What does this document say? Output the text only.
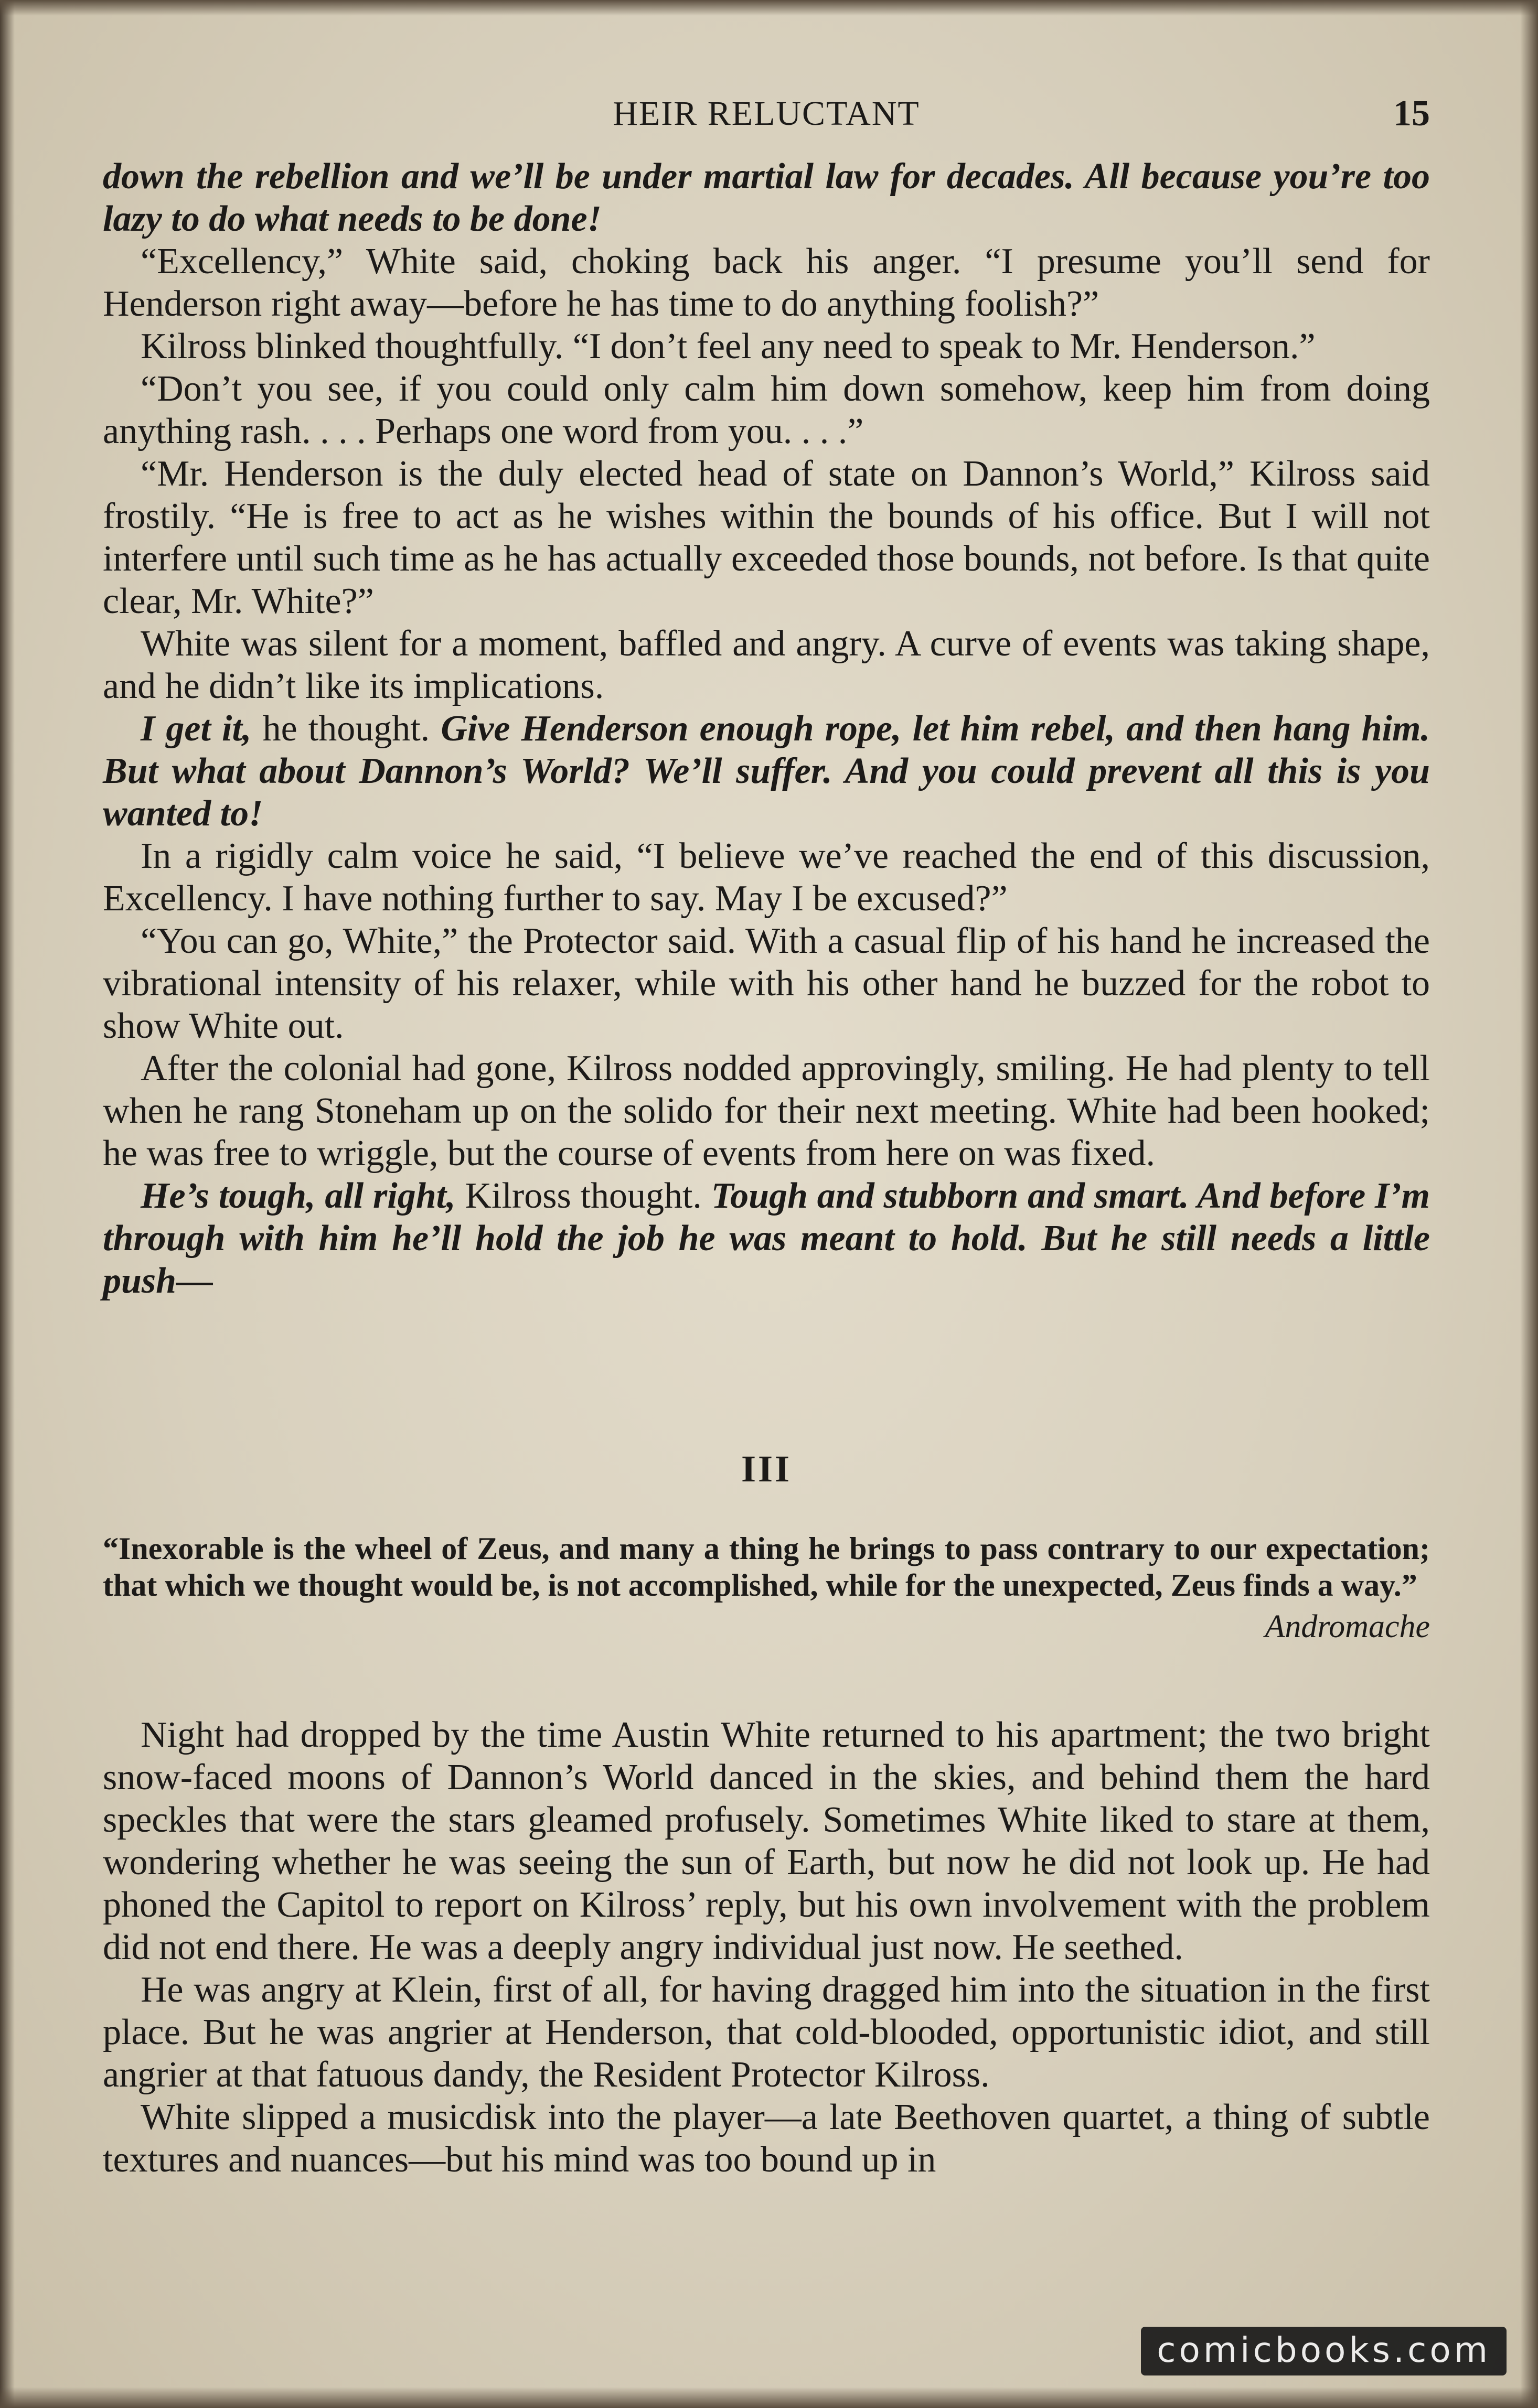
HEIR RELUCTANT	15

down the rebellion and we’ll be under martial law for decades. All because you’re too lazy to do what needs to be done!

“Excellency,” White said, choking back his anger. “I presume you’ll send for Henderson right away—before he has time to do anything foolish?”

Kilross blinked thoughtfully. “I don’t feel any need to speak to Mr. Henderson.”

“Don’t you see, if you could only calm him down somehow, keep him from doing anything rash. . . . Perhaps one word from you. . . .”

“Mr. Henderson is the duly elected head of state on Dannon’s World,” Kilross said frostily. “He is free to act as he wishes within the bounds of his office. But I will not interfere until such time as he has actually exceeded those bounds, not before. Is that quite clear, Mr. White?”

White was silent for a moment, baffled and angry. A curve of events was taking shape, and he didn’t like its implications.

I get it, he thought. Give Henderson enough rope, let him rebel, and then hang him. But what about Dannon’s World? We’ll suffer. And you could prevent all this is you wanted to!

In a rigidly calm voice he said, “I believe we’ve reached the end of this discussion, Excellency. I have nothing further to say. May I be excused?”

“You can go, White,” the Protector said. With a casual flip of his hand he increased the vibrational intensity of his relaxer, while with his other hand he buzzed for the robot to show White out.

After the colonial had gone, Kilross nodded approvingly, smiling. He had plenty to tell when he rang Stoneham up on the solido for their next meeting. White had been hooked; he was free to wriggle, but the course of events from here on was fixed.

He’s tough, all right, Kilross thought. Tough and stubborn and smart. And before I’m through with him he’ll hold the job he was meant to hold. But he still needs a little push—

III

“Inexorable is the wheel of Zeus, and many a thing he brings to pass contrary to our expectation; that which we thought would be, is not accomplished, while for the unexpected, Zeus finds a way.”

Andromache

Night had dropped by the time Austin White returned to his apartment; the two bright snow-faced moons of Dannon’s World danced in the skies, and behind them the hard speckles that were the stars gleamed profusely. Sometimes White liked to stare at them, wondering whether he was seeing the sun of Earth, but now he did not look up. He had phoned the Capitol to report on Kilross’ reply, but his own involvement with the problem did not end there. He was a deeply angry individual just now. He seethed.

He was angry at Klein, first of all, for having dragged him into the situation in the first place. But he was angrier at Henderson, that cold-blooded, opportunistic idiot, and still angrier at that fatuous dandy, the Resident Protector Kilross.

White slipped a musicdisk into the player—a late Beethoven quartet, a thing of subtle textures and nuances—but his mind was too bound up in

comicbooks.com
